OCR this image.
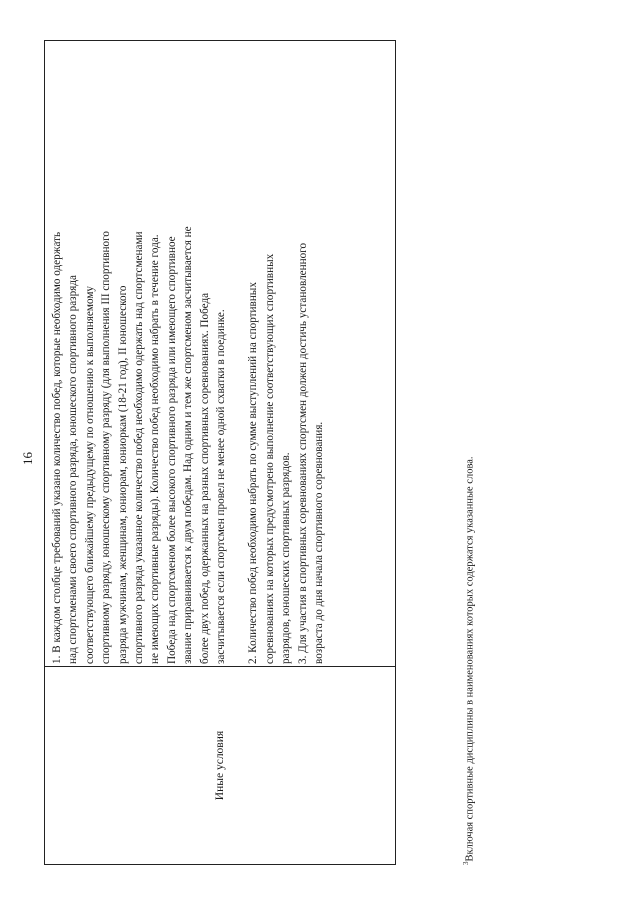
16
Иные условия
1. В каждом столбце требований указано количество побед, которые необходимо одержать над спортсменами своего спортивного разряда, юношеского спортивного разряда соответствующего ближайшему предыдущему по отношению к выполняемому спортивному разряду, юношескому спортивному разряду (для выполнения III спортивного разряда мужчинам, женщинам, юниорам, юниоркам (18-21 год), II юношеского спортивного разряда указанное количество побед необходимо одержать над спортсменами не имеющих спортивные разряды). Количество побед необходимо набрать в течение года. Победа над спортсменом более высокого спортивного разряда или имеющего спортивное звание приравнивается к двум победам. Над одним и тем же спортсменом засчитывается не более двух побед, одержанных на разных спортивных соревнованиях. Победа засчитывается если спортсмен провел не менее одной схватки в поединке. 2. Количество побед необходимо набрать по сумме выступлений на спортивных соревнованиях на которых предусмотрено выполнение соответствующих спортивных разрядов, юношеских спортивных разрядов. 3. Для участия в спортивных соревнованиях спортсмен должен достичь установленного возраста до дня начала спортивного соревнования.
$^3$Включая спортивные дисциплины в наименованиях которых содержатся указанные слова.
